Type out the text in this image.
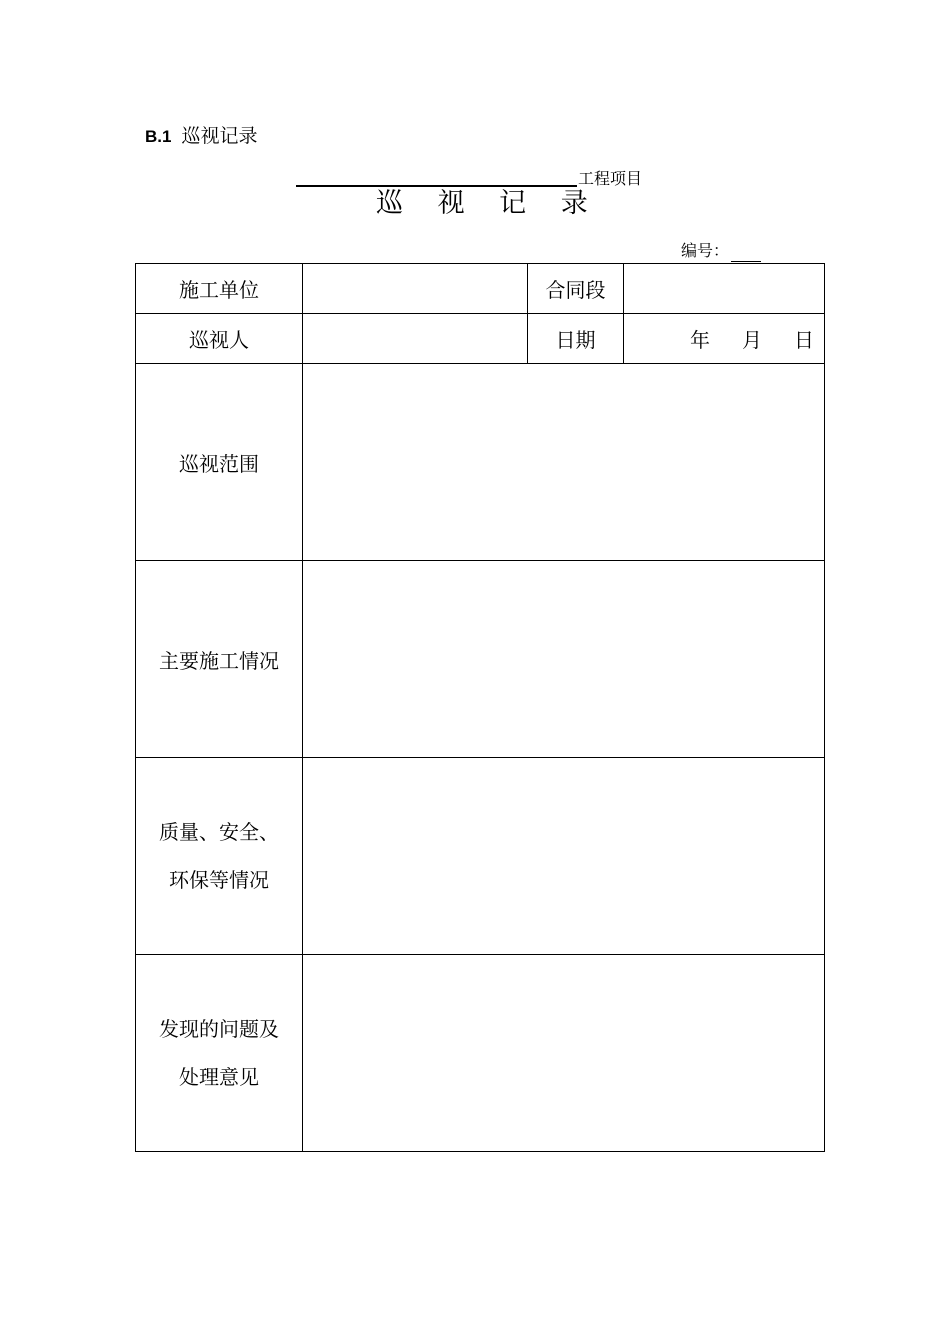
B.1 巡视记录
工程项目
巡 视 记 录
编号：
施工单位		合同段	
巡视人		日期	年 月 日
巡视范围			
主要施工情况			

质量、安全、
环保等情况			

发现的问题及
处理意见			
